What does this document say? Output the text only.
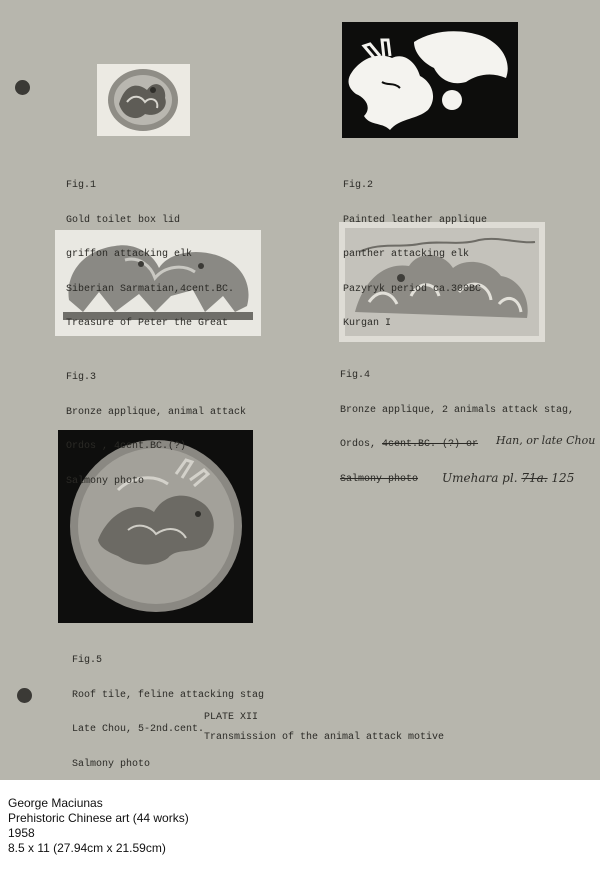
Fig.1

Gold toilet box lid

griffon attacking elk

Siberian Sarmatian,4cent.BC.

Treasure of Peter the Great

Fig.2

Painted leather applique

panther attacking elk

Pazyryk period ca.300BC

Kurgan I

Fig.3

Bronze applique, animal attack

Ordos , 4cent.BC.(?)

Salmony photo

Fig.4

Bronze applique, 2 animals attack stag,

Ordos, 4cent.BC. (?) or Han, or late Chou

Salmony photo Umehara pl. 71a. 125

Fig.5

Roof tile, feline attacking stag

Late Chou, 5-2nd.cent.

Salmony photo

PLATE XII
Transmission of the animal attack motive
George Maciunas
Prehistoric Chinese art (44 works)
1958
8.5 x 11 (27.94cm x 21.59cm)
